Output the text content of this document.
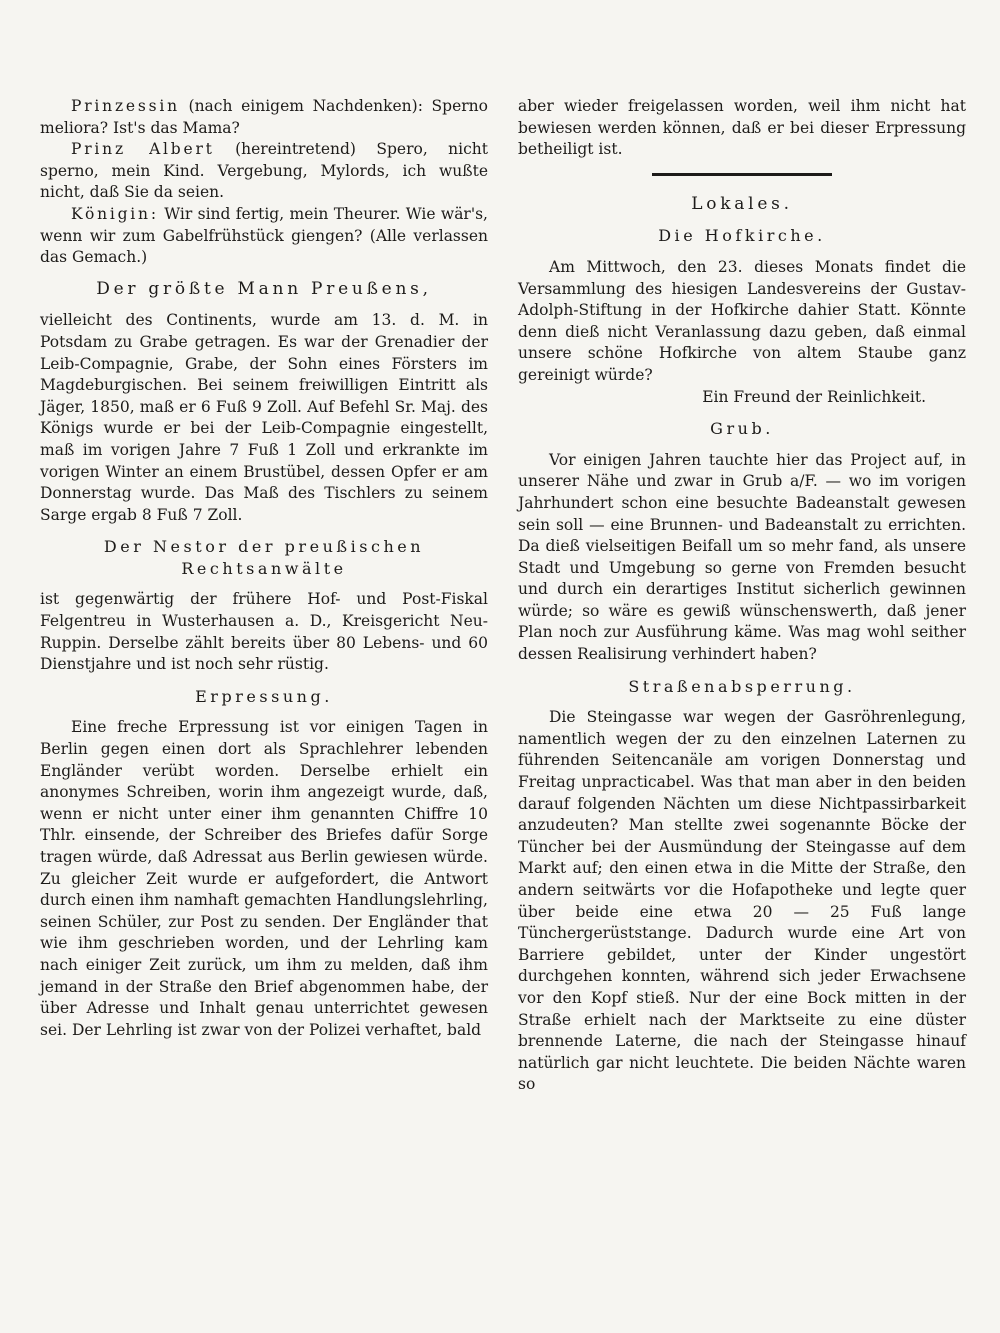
Prinzessin (nach einigem Nachdenken): Sperno meliora? Ist's das Mama?

Prinz Albert (hereintretend) Spero, nicht sperno, mein Kind. Vergebung, Mylords, ich wußte nicht, daß Sie da seien.

Königin: Wir sind fertig, mein Theurer. Wie wär's, wenn wir zum Gabelfrühstück giengen? (Alle verlassen das Gemach.)

Der größte Mann Preußens,

vielleicht des Continents, wurde am 13. d. M. in Potsdam zu Grabe getragen. Es war der Grenadier der Leib-Compagnie, Grabe, der Sohn eines Försters im Magdeburgischen. Bei seinem freiwilligen Eintritt als Jäger, 1850, maß er 6 Fuß 9 Zoll. Auf Befehl Sr. Maj. des Königs wurde er bei der Leib-Compagnie eingestellt, maß im vorigen Jahre 7 Fuß 1 Zoll und erkrankte im vorigen Winter an einem Brustübel, dessen Opfer er am Donnerstag wurde. Das Maß des Tischlers zu seinem Sarge ergab 8 Fuß 7 Zoll.

Der Nestor der preußischen Rechtsanwälte

ist gegenwärtig der frühere Hof- und Post-Fiskal Felgentreu in Wusterhausen a. D., Kreisgericht Neu-Ruppin. Derselbe zählt bereits über 80 Lebens- und 60 Dienstjahre und ist noch sehr rüstig.

Erpressung.

Eine freche Erpressung ist vor einigen Tagen in Berlin gegen einen dort als Sprachlehrer lebenden Engländer verübt worden. Derselbe erhielt ein anonymes Schreiben, worin ihm angezeigt wurde, daß, wenn er nicht unter einer ihm genannten Chiffre 10 Thlr. einsende, der Schreiber des Briefes dafür Sorge tragen würde, daß Adressat aus Berlin gewiesen würde. Zu gleicher Zeit wurde er aufgefordert, die Antwort durch einen ihm namhaft gemachten Handlungslehrling, seinen Schüler, zur Post zu senden. Der Engländer that wie ihm geschrieben worden, und der Lehrling kam nach einiger Zeit zurück, um ihm zu melden, daß ihm jemand in der Straße den Brief abgenommen habe, der über Adresse und Inhalt genau unterrichtet gewesen sei. Der Lehrling ist zwar von der Polizei verhaftet, bald

aber wieder freigelassen worden, weil ihm nicht hat bewiesen werden können, daß er bei dieser Erpressung betheiligt ist.

Lokales.

Die Hofkirche.

Am Mittwoch, den 23. dieses Monats findet die Versammlung des hiesigen Landesvereins der Gustav-Adolph-Stiftung in der Hofkirche dahier Statt. Könnte denn dieß nicht Veranlassung dazu geben, daß einmal unsere schöne Hofkirche von altem Staube ganz gereinigt würde?

Ein Freund der Reinlichkeit.

Grub.

Vor einigen Jahren tauchte hier das Project auf, in unserer Nähe und zwar in Grub a/F. — wo im vorigen Jahrhundert schon eine besuchte Badeanstalt gewesen sein soll — eine Brunnen- und Badeanstalt zu errichten. Da dieß vielseitigen Beifall um so mehr fand, als unsere Stadt und Umgebung so gerne von Fremden besucht und durch ein derartiges Institut sicherlich gewinnen würde; so wäre es gewiß wünschenswerth, daß jener Plan noch zur Ausführung käme. Was mag wohl seither dessen Realisirung verhindert haben?

Straßenabsperrung.

Die Steingasse war wegen der Gasröhrenlegung, namentlich wegen der zu den einzelnen Laternen zu führenden Seitencanäle am vorigen Donnerstag und Freitag unpracticabel. Was that man aber in den beiden darauf folgenden Nächten um diese Nichtpassirbarkeit anzudeuten? Man stellte zwei sogenannte Böcke der Tüncher bei der Ausmündung der Steingasse auf dem Markt auf; den einen etwa in die Mitte der Straße, den andern seitwärts vor die Hofapotheke und legte quer über beide eine etwa 20 — 25 Fuß lange Tünchergerüststange. Dadurch wurde eine Art von Barriere gebildet, unter der Kinder ungestört durchgehen konnten, während sich jeder Erwachsene vor den Kopf stieß. Nur der eine Bock mitten in der Straße erhielt nach der Marktseite zu eine düster brennende Laterne, die nach der Steingasse hinauf natürlich gar nicht leuchtete. Die beiden Nächte waren so
